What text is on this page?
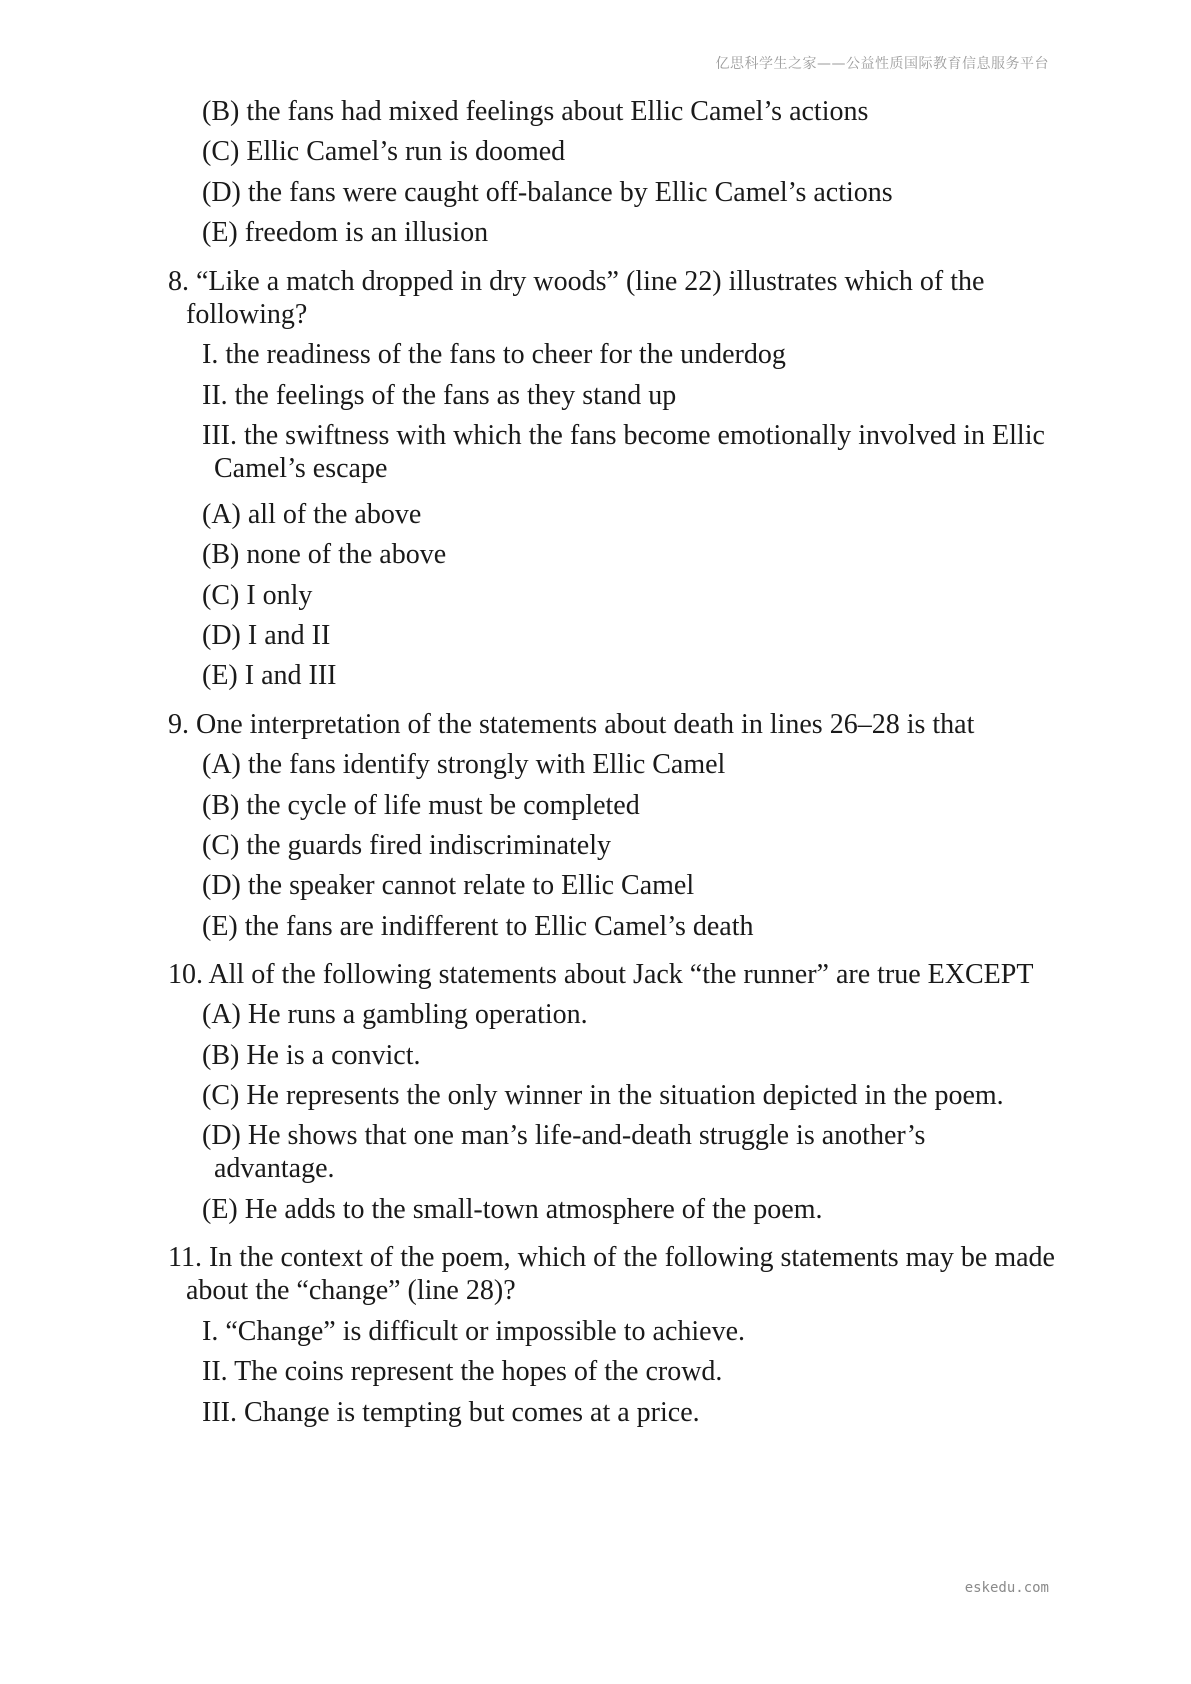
亿思科学生之家——公益性质国际教育信息服务平台
(B) the fans had mixed feelings about Ellic Camel’s actions
(C) Ellic Camel’s run is doomed
(D) the fans were caught off-balance by Ellic Camel’s actions
(E) freedom is an illusion
8. “Like a match dropped in dry woods” (line 22) illustrates which of the
following?
I. the readiness of the fans to cheer for the underdog
II. the feelings of the fans as they stand up
III. the swiftness with which the fans become emotionally involved in Ellic
Camel’s escape
(A) all of the above
(B) none of the above
(C) I only
(D) I and II
(E) I and III
9. One interpretation of the statements about death in lines 26–28 is that
(A) the fans identify strongly with Ellic Camel
(B) the cycle of life must be completed
(C) the guards fired indiscriminately
(D) the speaker cannot relate to Ellic Camel
(E) the fans are indifferent to Ellic Camel’s death
10. All of the following statements about Jack “the runner” are true EXCEPT
(A) He runs a gambling operation.
(B) He is a convict.
(C) He represents the only winner in the situation depicted in the poem.
(D) He shows that one man’s life-and-death struggle is another’s
advantage.
(E) He adds to the small-town atmosphere of the poem.
11. In the context of the poem, which of the following statements may be made
about the “change” (line 28)?
I. “Change” is difficult or impossible to achieve.
II. The coins represent the hopes of the crowd.
III. Change is tempting but comes at a price.
eskedu.com
